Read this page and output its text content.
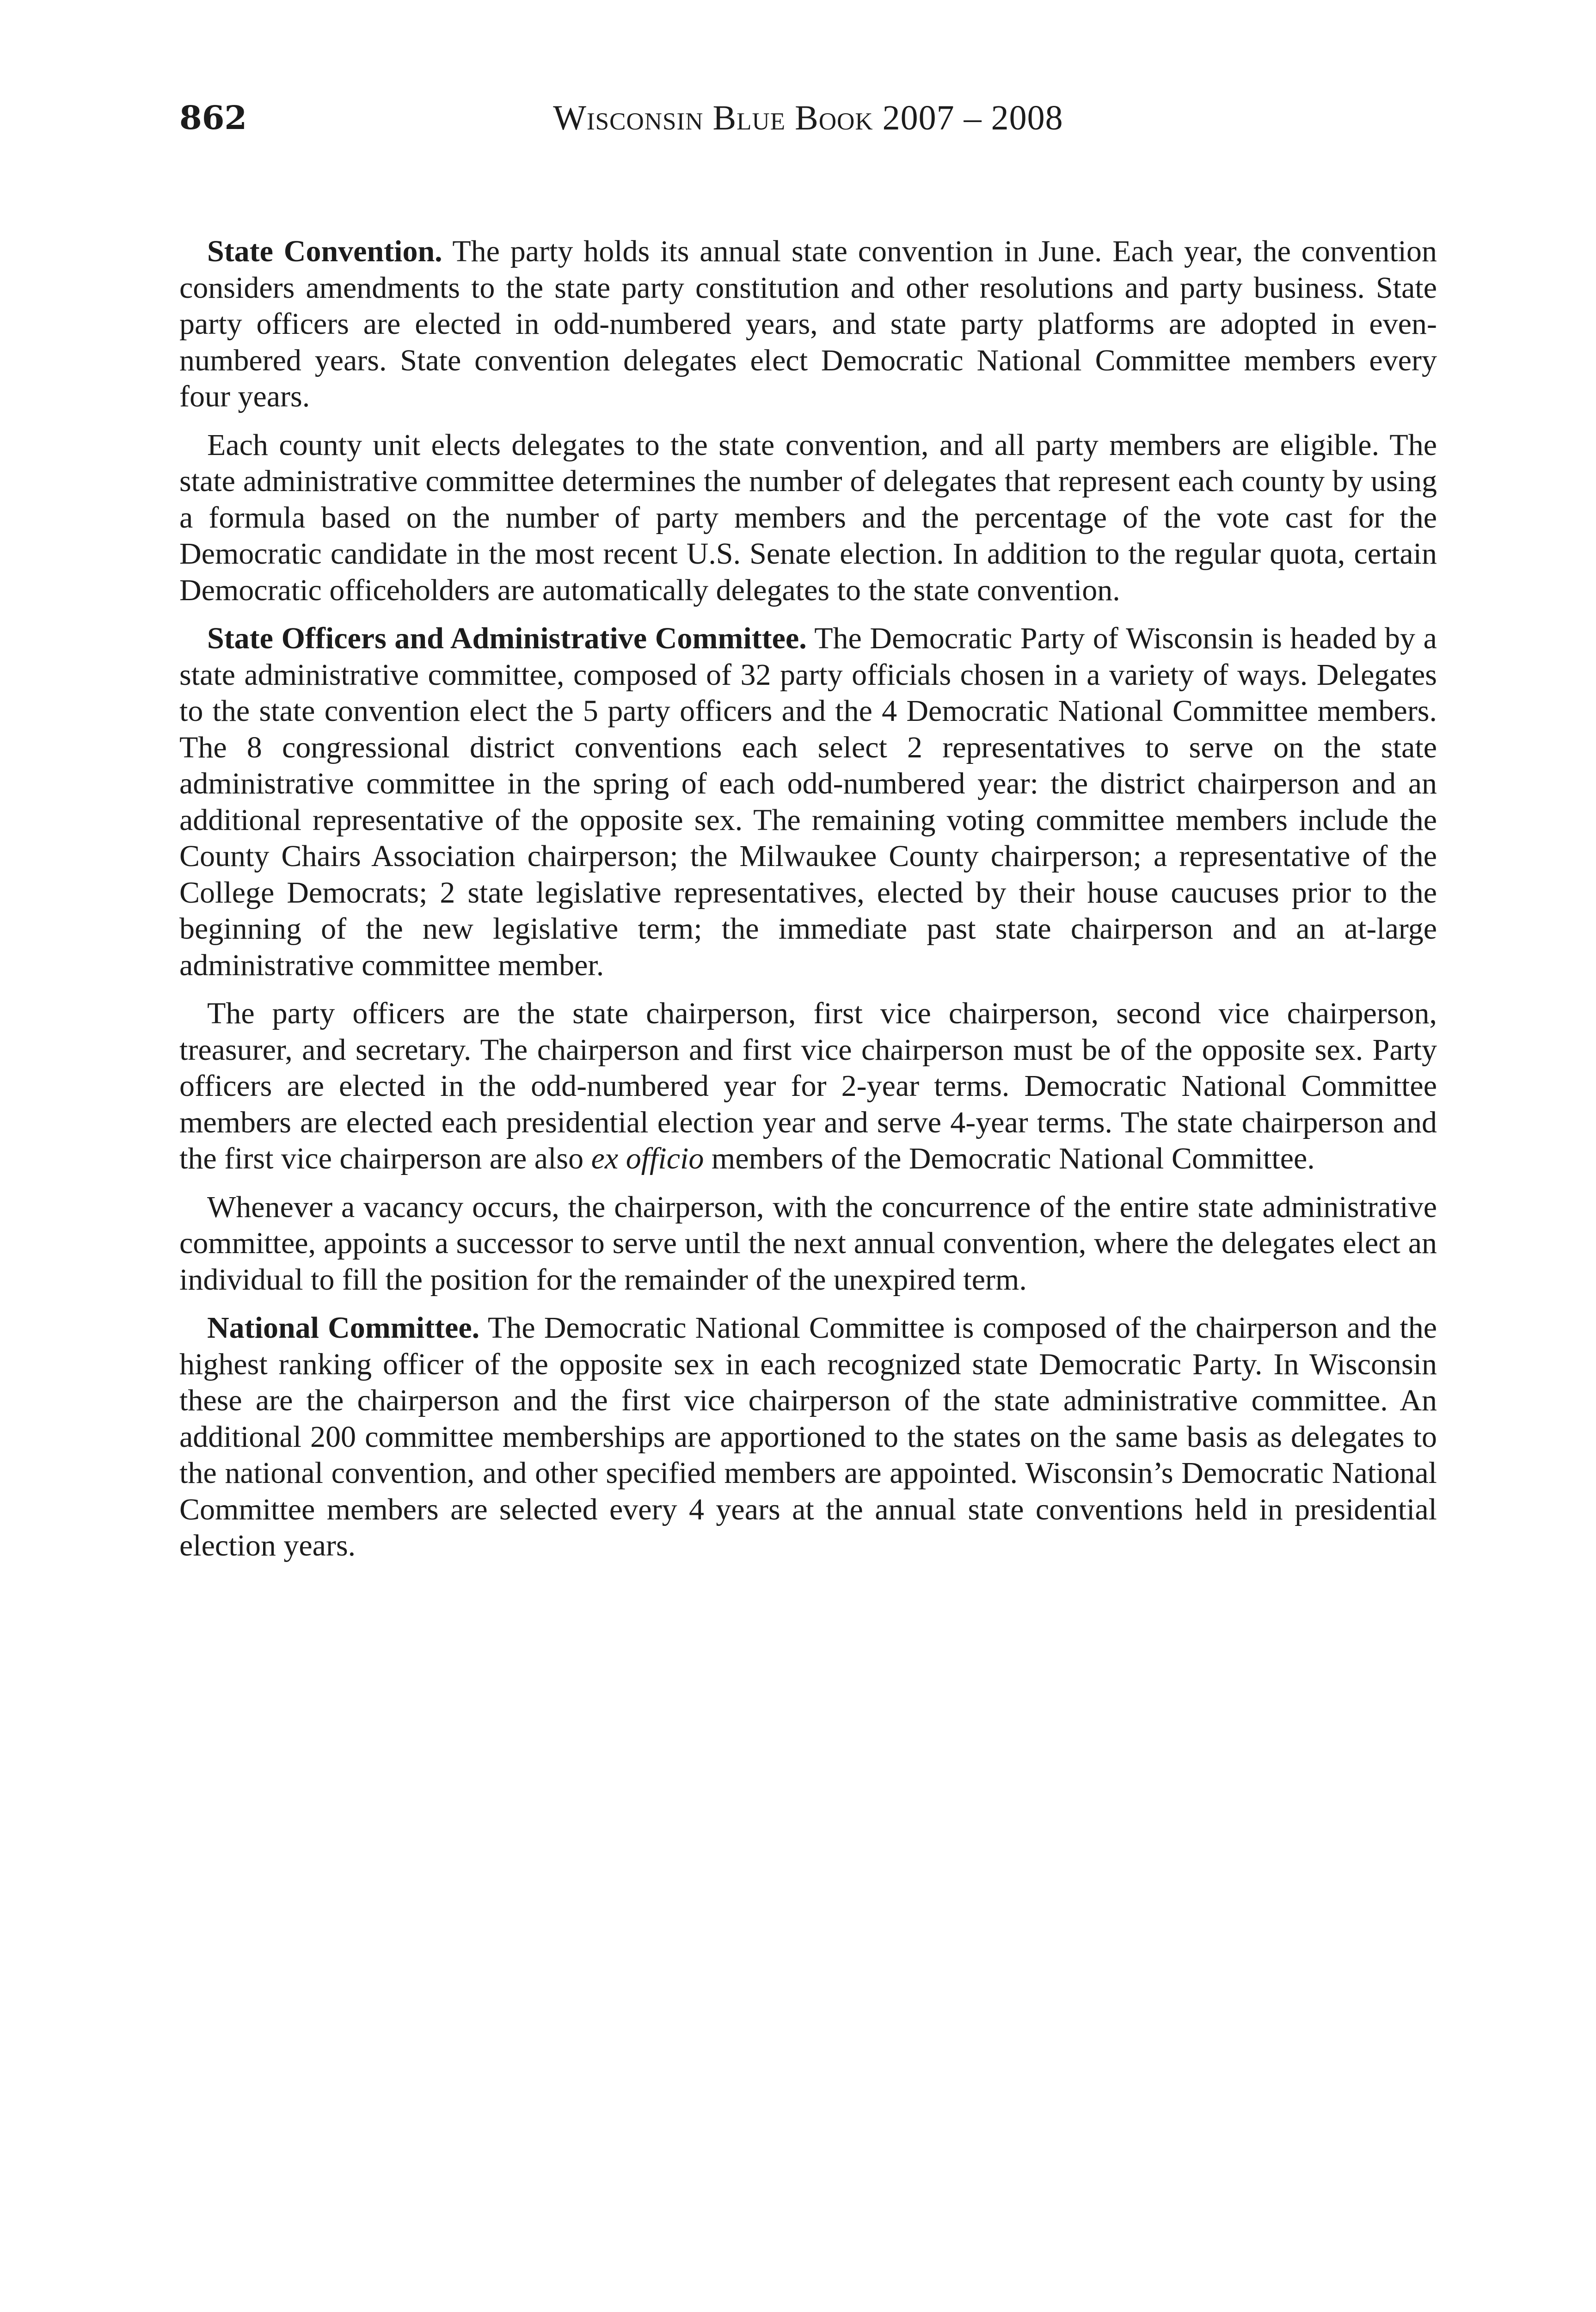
862	Wisconsin Blue Book 2007 – 2008

State Convention. The party holds its annual state convention in June. Each year, the convention considers amendments to the state party constitution and other resolutions and party business. State party officers are elected in odd-numbered years, and state party platforms are adopted in even-numbered years. State convention delegates elect Democratic National Committee members every four years.

Each county unit elects delegates to the state convention, and all party members are eligible. The state administrative committee determines the number of delegates that represent each county by using a formula based on the number of party members and the percentage of the vote cast for the Democratic candidate in the most recent U.S. Senate election. In addition to the regular quota, certain Democratic officeholders are automatically delegates to the state convention.

State Officers and Administrative Committee. The Democratic Party of Wisconsin is headed by a state administrative committee, composed of 32 party officials chosen in a variety of ways. Delegates to the state convention elect the 5 party officers and the 4 Democratic National Committee members. The 8 congressional district conventions each select 2 representatives to serve on the state administrative committee in the spring of each odd-numbered year: the district chairperson and an additional representative of the opposite sex. The remaining voting committee members include the County Chairs Association chairperson; the Milwaukee County chairperson; a representative of the College Democrats; 2 state legislative representatives, elected by their house caucuses prior to the beginning of the new legislative term; the immediate past state chairperson and an at-large administrative committee member.

The party officers are the state chairperson, first vice chairperson, second vice chairperson, treasurer, and secretary. The chairperson and first vice chairperson must be of the opposite sex. Party officers are elected in the odd-numbered year for 2-year terms. Democratic National Committee members are elected each presidential election year and serve 4-year terms. The state chairperson and the first vice chairperson are also ex officio members of the Democratic National Committee.

Whenever a vacancy occurs, the chairperson, with the concurrence of the entire state administrative committee, appoints a successor to serve until the next annual convention, where the delegates elect an individual to fill the position for the remainder of the unexpired term.

National Committee. The Democratic National Committee is composed of the chairperson and the highest ranking officer of the opposite sex in each recognized state Democratic Party. In Wisconsin these are the chairperson and the first vice chairperson of the state administrative committee. An additional 200 committee memberships are apportioned to the states on the same basis as delegates to the national convention, and other specified members are appointed. Wisconsin’s Democratic National Committee members are selected every 4 years at the annual state conventions held in presidential election years.
